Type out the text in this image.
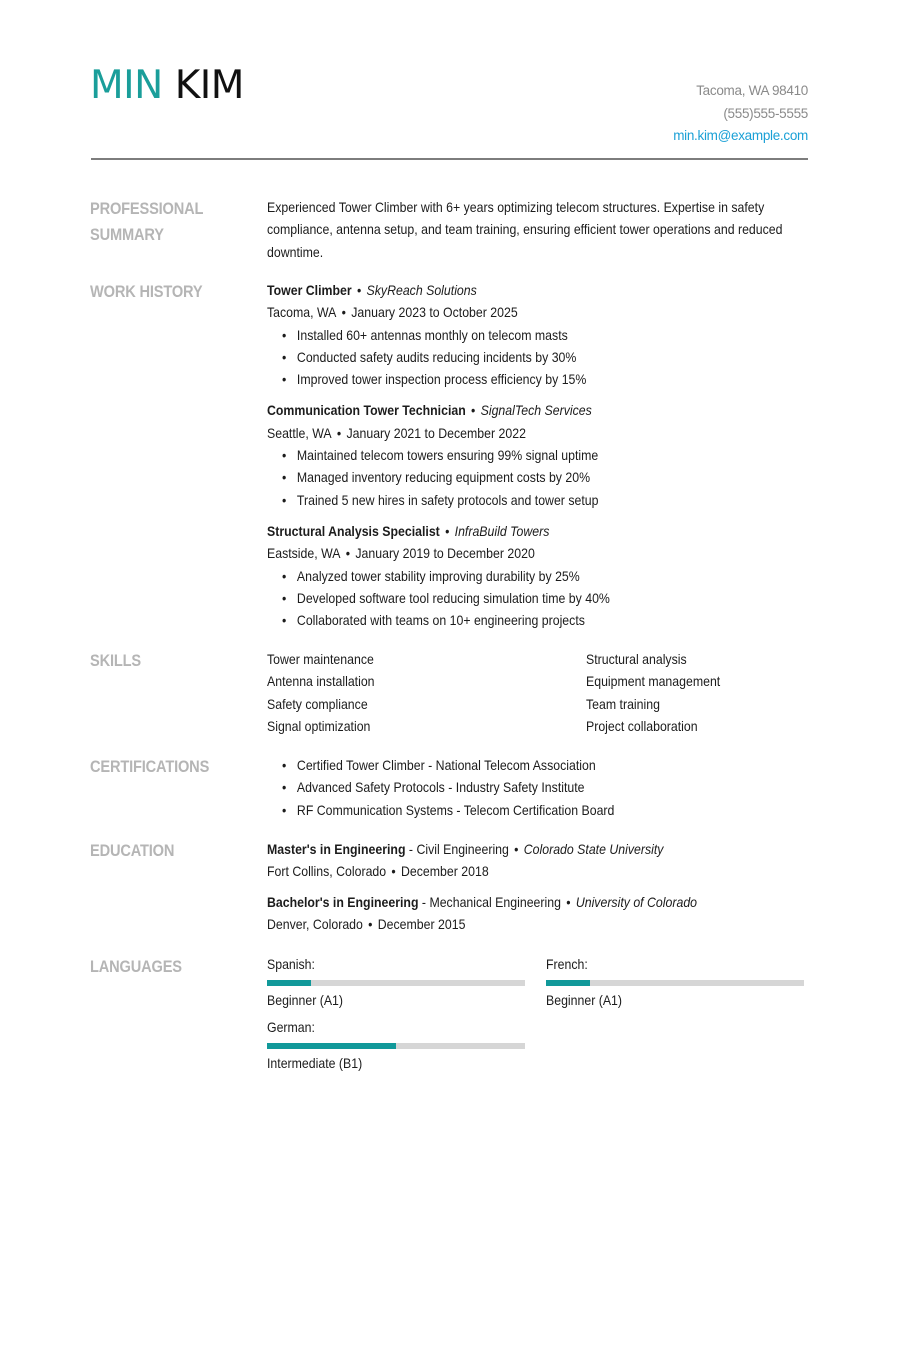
MIN KIM	Tacoma, WA 98410
(555)555-5555
min.kim@example.com
PROFESSIONAL SUMMARY
Experienced Tower Climber with 6+ years optimizing telecom structures. Expertise in safety compliance, antenna setup, and team training, ensuring efficient tower operations and reduced downtime.
WORK HISTORY	Tower Climber • SkyReach Solutions
Tacoma, WA • January 2023 to October 2025
• Installed 60+ antennas monthly on telecom masts
• Conducted safety audits reducing incidents by 30%
• Improved tower inspection process efficiency by 15%
Communication Tower Technician • SignalTech Services
Seattle, WA • January 2021 to December 2022
• Maintained telecom towers ensuring 99% signal uptime
• Managed inventory reducing equipment costs by 20%
• Trained 5 new hires in safety protocols and tower setup
Structural Analysis Specialist • InfraBuild Towers
Eastside, WA • January 2019 to December 2020
• Analyzed tower stability improving durability by 25%
• Developed software tool reducing simulation time by 40%
• Collaborated with teams on 10+ engineering projects
SKILLS	Tower maintenance	Structural analysis
Antenna installation	Equipment management
Safety compliance	Team training
Signal optimization	Project collaboration
CERTIFICATIONS	• Certified Tower Climber - National Telecom Association
• Advanced Safety Protocols - Industry Safety Institute
• RF Communication Systems - Telecom Certification Board
EDUCATION	Master's in Engineering - Civil Engineering • Colorado State University
Fort Collins, Colorado • December 2018
Bachelor's in Engineering - Mechanical Engineering • University of Colorado
Denver, Colorado • December 2015
LANGUAGES	Spanish:
Beginner (A1)
French:
Beginner (A1)
German:
Intermediate (B1)
